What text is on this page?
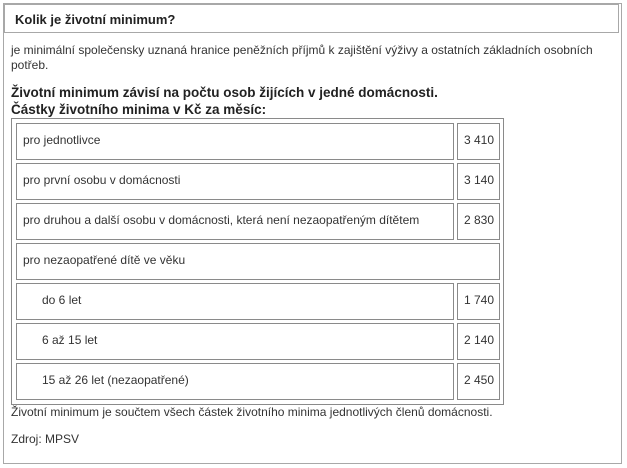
Kolik je životní minimum?
je minimální společensky uznaná hranice peněžních příjmů k zajištění výživy a ostatních základních osobních potřeb.
Životní minimum závisí na počtu osob žijících v jedné domácnosti.
Částky životního minima v Kč za měsíc:
pro jednotlivce	3 410
pro první osobu v domácnosti	3 140
pro druhou a další osobu v domácnosti, která není nezaopatřeným dítětem	2 830
pro nezaopatřené dítě ve věku
do 6 let	1 740
6 až 15 let	2 140
15 až 26 let (nezaopatřené)	2 450
Životní minimum je součtem všech částek životního minima jednotlivých členů domácnosti.
Zdroj: MPSV
